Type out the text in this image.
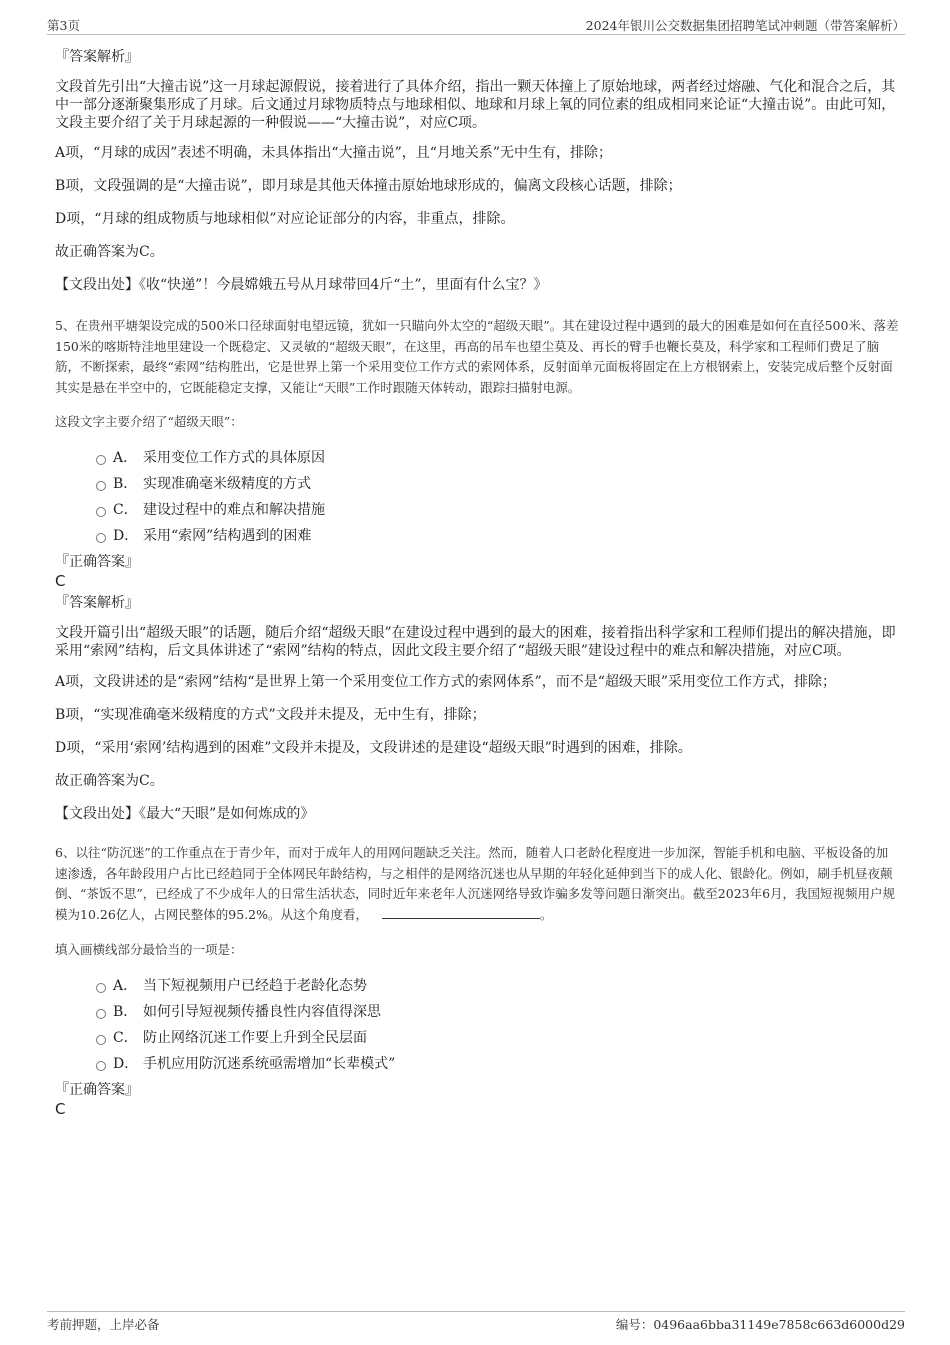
第3页	2024年银川公交数据集团招聘笔试冲刺题（带答案解析）

『答案解析』

文段首先引出“大撞击说”这一月球起源假说，接着进行了具体介绍，指出一颗天体撞上了原始地球，两者经过熔融、气化和混合之后，其中一部分逐渐聚集形成了月球。后文通过月球物质特点与地球相似、地球和月球上氧的同位素的组成相同来论证“大撞击说”。由此可知，文段主要介绍了关于月球起源的一种假说——“大撞击说”，对应C项。

A项，“月球的成因”表述不明确，未具体指出“大撞击说”，且“月地关系”无中生有，排除；

B项，文段强调的是“大撞击说”，即月球是其他天体撞击原始地球形成的，偏离文段核心话题，排除；

D项，“月球的组成物质与地球相似”对应论证部分的内容，非重点，排除。

故正确答案为C。

【文段出处】《收“快递”！今晨嫦娥五号从月球带回4斤“土”，里面有什么宝？》

5、在贵州平塘架设完成的500米口径球面射电望远镜，犹如一只瞄向外太空的“超级天眼”。其在建设过程中遇到的最大的困难是如何在直径500米、落差150米的喀斯特洼地里建设一个既稳定、又灵敏的“超级天眼”，在这里，再高的吊车也望尘莫及、再长的臂手也鞭长莫及，科学家和工程师们费足了脑筋，不断探索，最终“索网”结构胜出，它是世界上第一个采用变位工作方式的索网体系，反射面单元面板将固定在上方根钢索上，安装完成后整个反射面其实是悬在半空中的，它既能稳定支撑，又能让“天眼”工作时跟随天体转动，跟踪扫描射电源。

这段文字主要介绍了“超级天眼”：

A． 采用变位工作方式的具体原因
B． 实现准确毫米级精度的方式
C． 建设过程中的难点和解决措施
D． 采用“索网”结构遇到的困难

『正确答案』

C

『答案解析』

文段开篇引出“超级天眼”的话题，随后介绍“超级天眼”在建设过程中遇到的最大的困难，接着指出科学家和工程师们提出的解决措施，即采用“索网”结构，后文具体讲述了“索网”结构的特点，因此文段主要介绍了“超级天眼”建设过程中的难点和解决措施，对应C项。

A项，文段讲述的是“索网”结构“是世界上第一个采用变位工作方式的索网体系”，而不是“超级天眼”采用变位工作方式，排除；

B项，“实现准确毫米级精度的方式”文段并未提及，无中生有，排除；

D项，“采用‘索网’结构遇到的困难”文段并未提及，文段讲述的是建设“超级天眼”时遇到的困难，排除。

故正确答案为C。

【文段出处】《最大“天眼”是如何炼成的》

6、以往“防沉迷”的工作重点在于青少年，而对于成年人的用网问题缺乏关注。然而，随着人口老龄化程度进一步加深，智能手机和电脑、平板设备的加速渗透，各年龄段用户占比已经趋同于全体网民年龄结构，与之相伴的是网络沉迷也从早期的年轻化延伸到当下的成人化、银龄化。例如，刷手机昼夜颠倒、“茶饭不思”，已经成了不少成年人的日常生活状态，同时近年来老年人沉迷网络导致诈骗多发等问题日渐突出。截至2023年6月，我国短视频用户规模为10.26亿人，占网民整体的95.2%。从这个角度看，	。

填入画横线部分最恰当的一项是：

A． 当下短视频用户已经趋于老龄化态势
B． 如何引导短视频传播良性内容值得深思
C． 防止网络沉迷工作要上升到全民层面
D． 手机应用防沉迷系统亟需增加“长辈模式”

『正确答案』

C

考前押题，上岸必备	编号：0496aa6bba31149e7858c663d6000d29
